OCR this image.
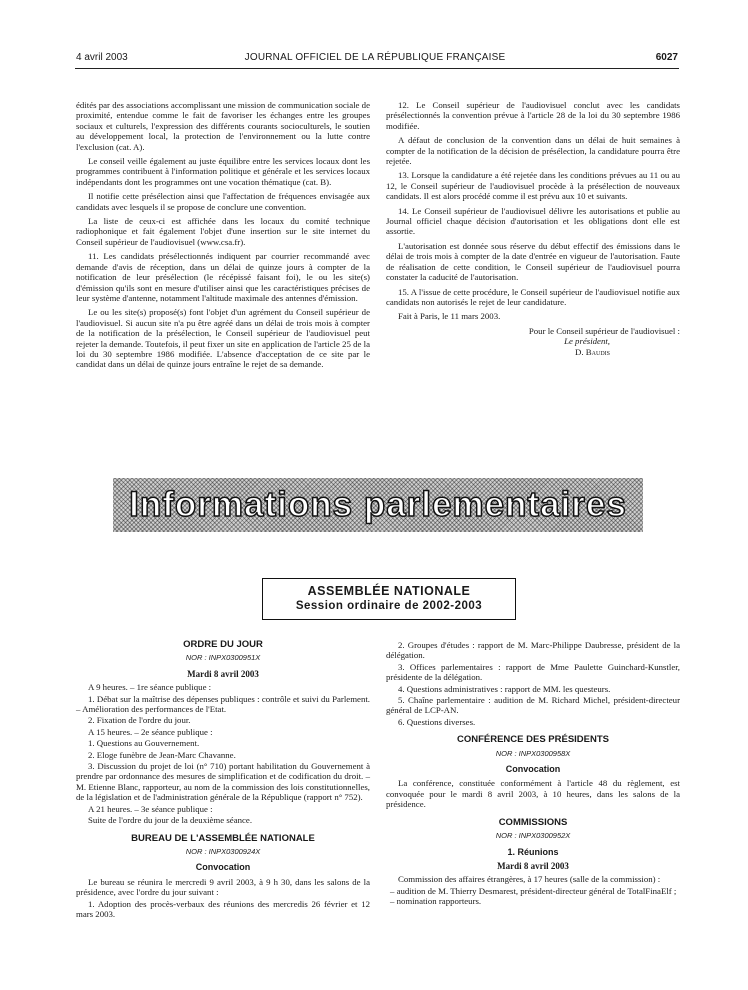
4 avril 2003	JOURNAL OFFICIEL DE LA RÉPUBLIQUE FRANÇAISE	6027

édités par des associations accomplissant une mission de communication sociale de proximité, entendue comme le fait de favoriser les échanges entre les groupes sociaux et culturels, l'expression des différents courants socioculturels, le soutien au développement local, la protection de l'environnement ou la lutte contre l'exclusion (cat. A).

Le conseil veille également au juste équilibre entre les services locaux dont les programmes contribuent à l'information politique et générale et les services locaux indépendants dont les programmes ont une vocation thématique (cat. B).

Il notifie cette présélection ainsi que l'affectation de fréquences envisagée aux candidats avec lesquels il se propose de conclure une convention.

La liste de ceux-ci est affichée dans les locaux du comité technique radiophonique et fait également l'objet d'une insertion sur le site internet du Conseil supérieur de l'audiovisuel (www.csa.fr).

11. Les candidats présélectionnés indiquent par courrier recommandé avec demande d'avis de réception, dans un délai de quinze jours à compter de la notification de leur présélection (le récépissé faisant foi), le ou les site(s) d'émission qu'ils sont en mesure d'utiliser ainsi que les caractéristiques précises de leur système d'antenne, notamment l'altitude maximale des antennes d'émission.

Le ou les site(s) proposé(s) font l'objet d'un agrément du Conseil supérieur de l'audiovisuel. Si aucun site n'a pu être agréé dans un délai de trois mois à compter de la notification de la présélection, le Conseil supérieur de l'audiovisuel peut rejeter la demande. Toutefois, il peut fixer un site en application de l'article 25 de la loi du 30 septembre 1986 modifiée. L'absence d'acceptation de ce site par le candidat dans un délai de quinze jours entraîne le rejet de sa demande.

12. Le Conseil supérieur de l'audiovisuel conclut avec les candidats présélectionnés la convention prévue à l'article 28 de la loi du 30 septembre 1986 modifiée.

A défaut de conclusion de la convention dans un délai de huit semaines à compter de la notification de la décision de présélection, la candidature pourra être rejetée.

13. Lorsque la candidature a été rejetée dans les conditions prévues au 11 ou au 12, le Conseil supérieur de l'audiovisuel procède à la présélection de nouveaux candidats. Il est alors procédé comme il est prévu aux 10 et suivants.

14. Le Conseil supérieur de l'audiovisuel délivre les autorisations et publie au Journal officiel chaque décision d'autorisation et les obligations dont elle est assortie.

L'autorisation est donnée sous réserve du début effectif des émissions dans le délai de trois mois à compter de la date d'entrée en vigueur de l'autorisation. Faute de réalisation de cette condition, le Conseil supérieur de l'audiovisuel pourra constater la caducité de l'autorisation.

15. A l'issue de cette procédure, le Conseil supérieur de l'audiovisuel notifie aux candidats non autorisés le rejet de leur candidature.

Fait à Paris, le 11 mars 2003.

Pour le Conseil supérieur de l'audiovisuel :

Le président,

D. Baudis

Informations parlementaires
ASSEMBLÉE NATIONALE
Session ordinaire de 2002-2003
ORDRE DU JOUR
NOR : INPX0300951X
Mardi 8 avril 2003

A 9 heures. – 1re séance publique :

1. Débat sur la maîtrise des dépenses publiques : contrôle et suivi du Parlement. – Amélioration des performances de l'Etat.

2. Fixation de l'ordre du jour.

A 15 heures. – 2e séance publique :

1. Questions au Gouvernement.

2. Eloge funèbre de Jean-Marc Chavanne.

3. Discussion du projet de loi (n° 710) portant habilitation du Gouvernement à prendre par ordonnance des mesures de simplification et de codification du droit. – M. Etienne Blanc, rapporteur, au nom de la commission des lois constitutionnelles, de la législation et de l'administration générale de la République (rapport n° 752).

A 21 heures. – 3e séance publique :

Suite de l'ordre du jour de la deuxième séance.

BUREAU DE L'ASSEMBLÉE NATIONALE
NOR : INPX0300924X
Convocation

Le bureau se réunira le mercredi 9 avril 2003, à 9 h 30, dans les salons de la présidence, avec l'ordre du jour suivant :

1. Adoption des procès-verbaux des réunions des mercredis 26 février et 12 mars 2003.

2. Groupes d'études : rapport de M. Marc-Philippe Daubresse, président de la délégation.

3. Offices parlementaires : rapport de Mme Paulette Guinchard-Kunstler, présidente de la délégation.

4. Questions administratives : rapport de MM. les questeurs.

5. Chaîne parlementaire : audition de M. Richard Michel, président-directeur général de LCP-AN.

6. Questions diverses.

CONFÉRENCE DES PRÉSIDENTS
NOR : INPX0300958X
Convocation

La conférence, constituée conformément à l'article 48 du règlement, est convoquée pour le mardi 8 avril 2003, à 10 heures, dans les salons de la présidence.

COMMISSIONS
NOR : INPX0300952X
1. Réunions
Mardi 8 avril 2003

Commission des affaires étrangères, à 17 heures (salle de la commission) :

– audition de M. Thierry Desmarest, président-directeur général de TotalFinaElf ;
– nomination rapporteurs.
